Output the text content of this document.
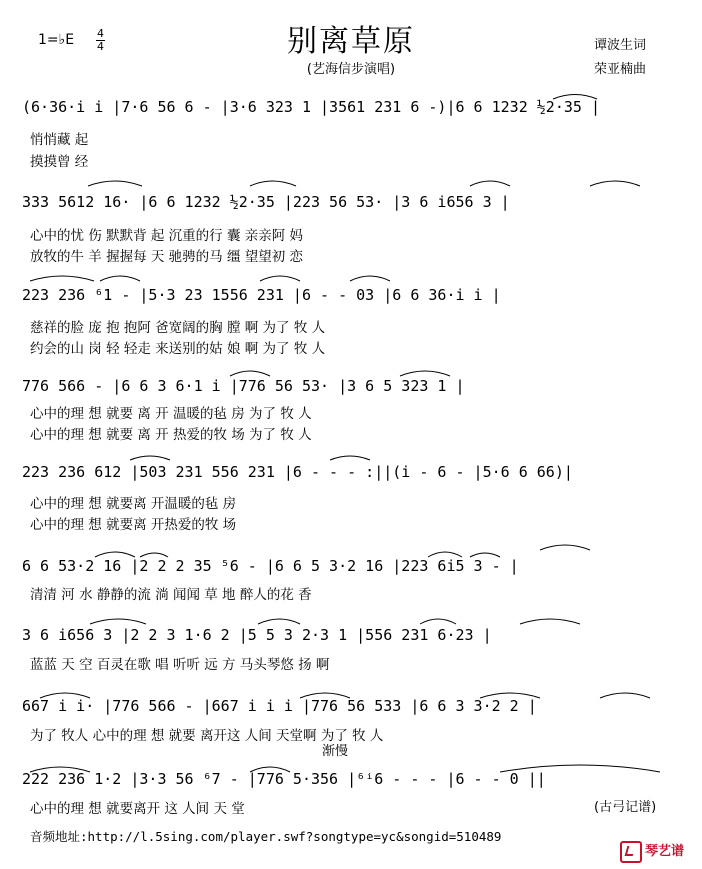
1=♭E 4
4	别离草原
(艺海信步演唱)
谭波生词
荣亚楠曲
(6·36·i i |7·6 56 6 - |3·6 323 1 |3561 231 6 -)|6 6 1232 ½2·35 |
悄悄藏 起
摸摸曾 经
333 5612 16· |6 6 1232 ½2·35 |223 56 53· |3 6 i656 3 |
心中的忧 伤 默默背 起 沉重的行 囊 亲亲阿 妈
放牧的牛 羊 握握每 天 驰骋的马 缰 望望初 恋
223 236 ⁶1 - |5·3 23 1556 231 |6 - - 03 |6 6 36·i i |
慈祥的脸 庞 抱 抱阿 爸宽阔的胸 膛 啊 为了 牧 人
约会的山 岗 轻 轻走 来送别的姑 娘 啊 为了 牧 人
776 566 - |6 6 3 6·1 i |776 56 53· |3 6 5 323 1 |
心中的理 想 就要 离 开 温暖的毡 房 为了 牧 人
心中的理 想 就要 离 开 热爱的牧 场 为了 牧 人
223 236 612 |503 231 556 231 |6 - - - :||(i - 6 - |5·6 6 66)|
心中的理 想 就要离 开温暖的毡 房
心中的理 想 就要离 开热爱的牧 场
6 6 53·2 16 |2 2 2 35 ⁵6 - |6 6 5 3·2 16 |223 6i5 3 - |
清清 河 水 静静的流 淌 闻闻 草 地 醉人的花 香
3 6 i656 3 |2 2 3 1·6 2 |5 5 3 2·3 1 |556 231 6·23 |
蓝蓝 天 空 百灵在歌 唱 听听 远 方 马头琴悠 扬 啊
667 i i· |776 566 - |667 i i i |776 56 533 |6 6 3 3·2 2 |
为了 牧人 心中的理 想 就要 离开这 人间 天堂啊 为了 牧 人
渐慢
222 236 1·2 |3·3 56 ⁶7 - |776 5·356 |⁶ⁱ6 - - - |6 - - 0 ||
心中的理 想 就要离开 这 人间 天 堂	(古弓记谱)
音频地址:http://l.5sing.com/player.swf?songtype=yc&songid=510489
琴艺谱
